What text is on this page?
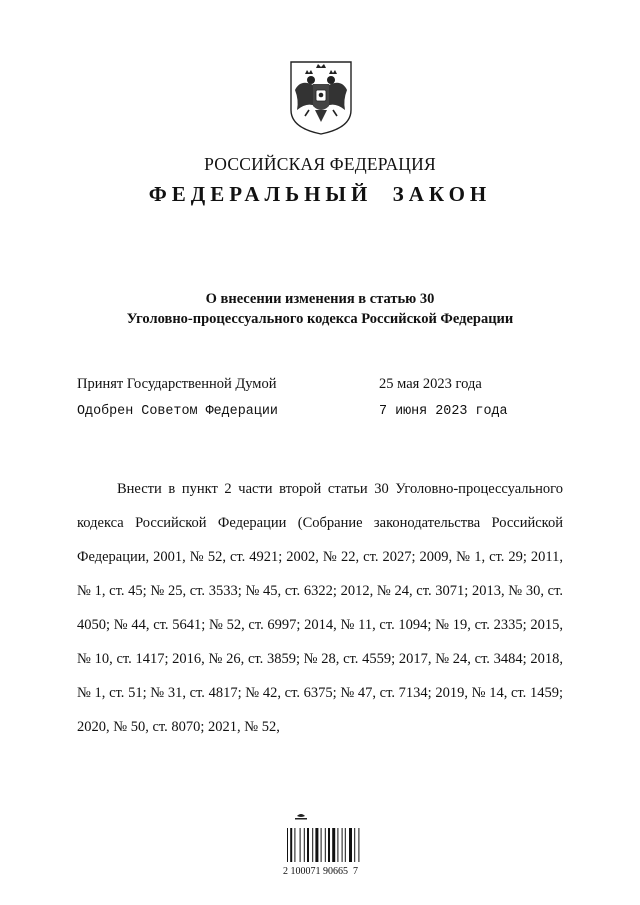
РОССИЙСКАЯ ФЕДЕРАЦИЯ
ФЕДЕРАЛЬНЫЙ ЗАКОН
О внесении изменения в статью 30
Уголовно-процессуального кодекса Российской Федерации
Принят Государственной Думой	25 мая 2023 года
Одобрен Советом Федерации	7 июня 2023 года
Внести в пункт 2 части второй статьи 30 Уголовно-процессуального кодекса Российской Федерации (Собрание законодательства Российской Федерации, 2001, № 52, ст. 4921; 2002, № 22, ст. 2027; 2009, № 1, ст. 29; 2011, № 1, ст. 45; № 25, ст. 3533; № 45, ст. 6322; 2012, № 24, ст. 3071; 2013, № 30, ст. 4050; № 44, ст. 5641; № 52, ст. 6997; 2014, № 11, ст. 1094; № 19, ст. 2335; 2015, № 10, ст. 1417; 2016, № 26, ст. 3859; № 28, ст. 4559; 2017, № 24, ст. 3484; 2018, № 1, ст. 51; № 31, ст. 4817; № 42, ст. 6375; № 47, ст. 7134; 2019, № 14, ст. 1459; 2020, № 50, ст. 8070; 2021, № 52,
2 100071 90665  7
